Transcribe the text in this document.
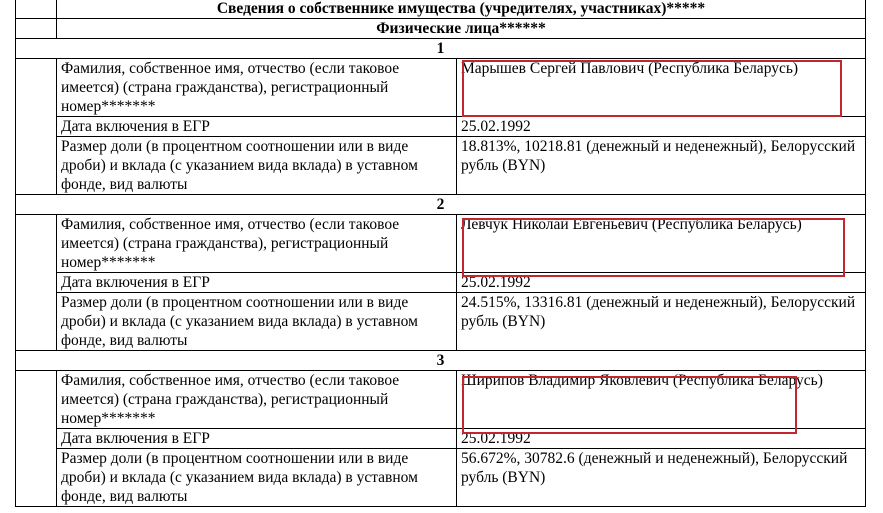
	Сведения о собственнике имущества (учредителях, участниках)*****	
	Физические лица******	
1		
	Фамилия, собственное имя, отчество (если таковое имеется) (страна гражданства), регистрационный номер*******	Марышев Сергей Павлович (Республика Беларусь)
	Дата включения в ЕГР	25.02.1992
	Размер доли (в процентном соотношении или в виде дроби) и вклада (с указанием вида вклада) в уставном фонде, вид валюты	18.813%, 10218.81 (денежный и неденежный), Белорусский рубль (BYN)
2		
	Фамилия, собственное имя, отчество (если таковое имеется) (страна гражданства), регистрационный номер*******	Левчук Николай Евгеньевич (Республика Беларусь)
	Дата включения в ЕГР	25.02.1992
	Размер доли (в процентном соотношении или в виде дроби) и вклада (с указанием вида вклада) в уставном фонде, вид валюты	24.515%, 13316.81 (денежный и неденежный), Белорусский рубль (BYN)
3		
	Фамилия, собственное имя, отчество (если таковое имеется) (страна гражданства), регистрационный номер*******	Ширипов Владимир Яковлевич (Республика Беларусь)
	Дата включения в ЕГР	25.02.1992
	Размер доли (в процентном соотношении или в виде дроби) и вклада (с указанием вида вклада) в уставном фонде, вид валюты	56.672%, 30782.6 (денежный и неденежный), Белорусский рубль (BYN)
